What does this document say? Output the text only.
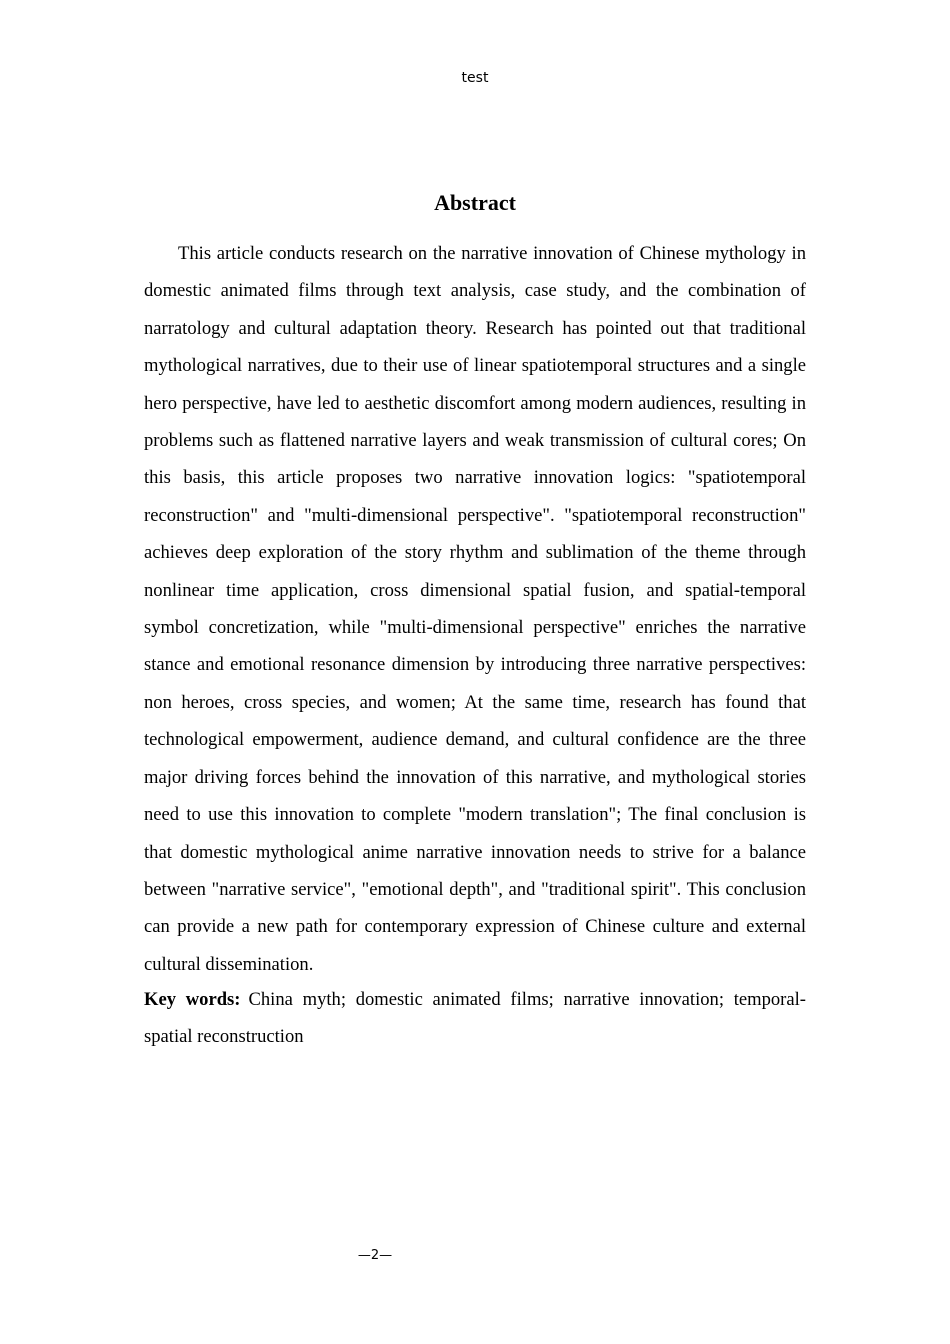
test
Abstract

This article conducts research on the narrative innovation of Chinese mythology in domestic animated films through text analysis, case study, and the combination of narratology and cultural adaptation theory. Research has pointed out that traditional mythological narratives, due to their use of linear spatiotemporal structures and a single hero perspective, have led to aesthetic discomfort among modern audiences, resulting in problems such as flattened narrative layers and weak transmission of cultural cores; On this basis, this article proposes two narrative innovation logics: "spatiotemporal reconstruction" and "multi-dimensional perspective". "spatiotemporal reconstruction" achieves deep exploration of the story rhythm and sublimation of the theme through nonlinear time application, cross dimensional spatial fusion, and spatial-temporal symbol concretization, while "multi-dimensional perspective" enriches the narrative stance and emotional resonance dimension by introducing three narrative perspectives: non heroes, cross species, and women; At the same time, research has found that technological empowerment, audience demand, and cultural confidence are the three major driving forces behind the innovation of this narrative, and mythological stories need to use this innovation to complete "modern translation"; The final conclusion is that domestic mythological anime narrative innovation needs to strive for a balance between "narrative service", "emotional depth", and "traditional spirit". This conclusion can provide a new path for contemporary expression of Chinese culture and external cultural dissemination.

Key words: China myth; domestic animated films; narrative innovation; temporal-spatial reconstruction

—2—
